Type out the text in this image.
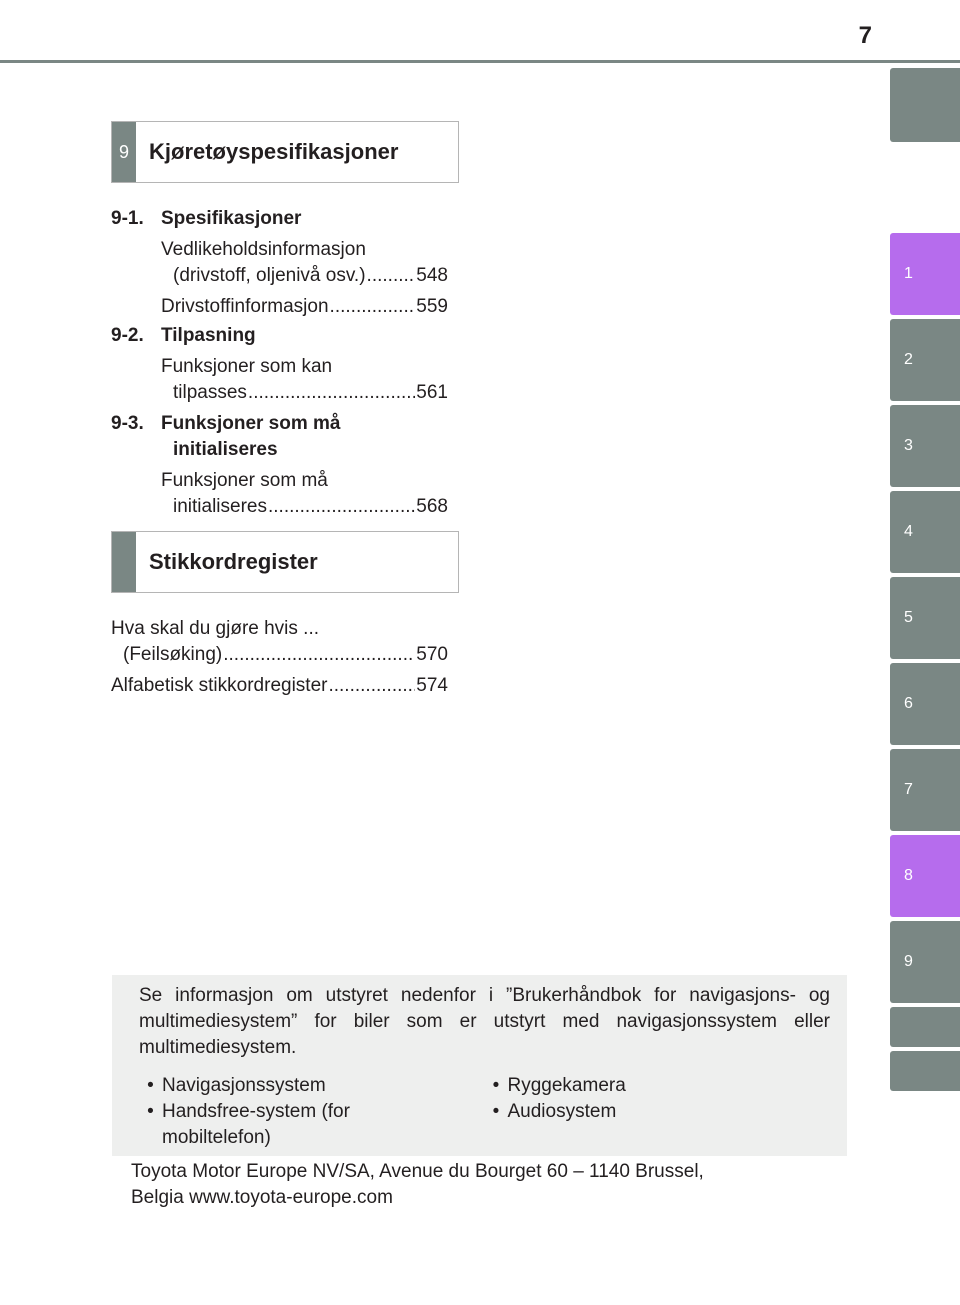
7
1
2
3
4
5
6
7
8
9
9 Kjøretøyspesifikasjoner
9-1. Spesifikasjoner
Vedlikeholdsinformasjon
(drivstoff, oljenivå osv.) .....	548
Drivstoffinformasjon .....	559
9-2. Tilpasning
Funksjoner som kan
tilpasses .....	561
9-3. Funksjoner som må
initialiseres
Funksjoner som må
initialiseres .....	568
Stikkordregister
Hva skal du gjøre hvis ...
(Feilsøking) .....	570
Alfabetisk stikkordregister .....	574
Se informasjon om utstyret nedenfor i ”Brukerhåndbok for navigasjons- og multimediesystem” for biler som er utstyrt med navigasjonssystem eller multimediesystem.
• Navigasjonssystem
• Handsfree-system (for mobiltelefon)
• Ryggekamera
• Audiosystem
Toyota Motor Europe NV/SA, Avenue du Bourget 60 – 1140 Brussel,
Belgia www.toyota-europe.com
